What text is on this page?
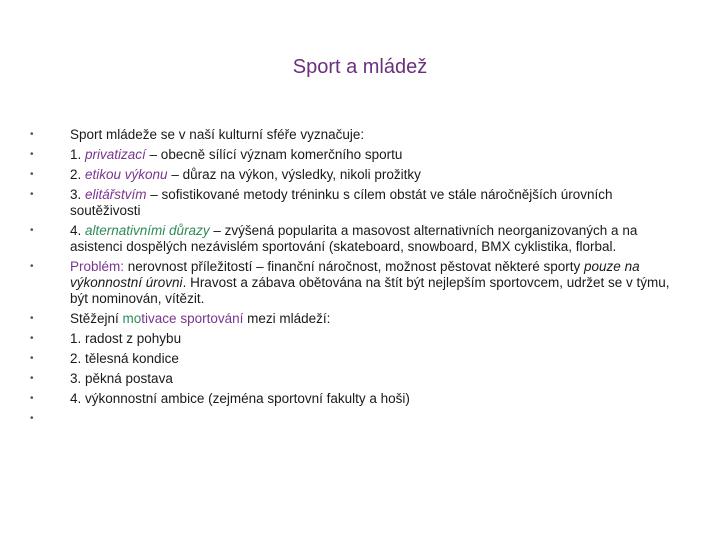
Sport a mládež
•	Sport mládeže se v naší kulturní sféře vyznačuje:
•	1. privatizací – obecně sílící význam komerčního sportu
•	2. etikou výkonu – důraz na výkon, výsledky, nikoli prožitky
•	3. elitářstvím – sofistikované metody tréninku s cílem obstát ve stále náročnějších úrovních soutěživosti
•	4. alternativními důrazy – zvýšená popularita a masovost alternativních neorganizovaných a na asistenci dospělých nezávislém sportování (skateboard, snowboard, BMX cyklistika, florbal.
•	Problém: nerovnost příležitostí – finanční náročnost, možnost pěstovat některé sporty pouze na výkonnostní úrovni. Hravost a zábava obětována na štít být nejlepším sportovcem, udržet se v týmu, být nominován, vítězit.
•	Stěžejní motivace sportování mezi mládeží:
•	1. radost z pohybu
•	2. tělesná kondice
•	3. pěkná postava
•	4. výkonnostní ambice (zejména sportovní fakulty a hoši)
•
